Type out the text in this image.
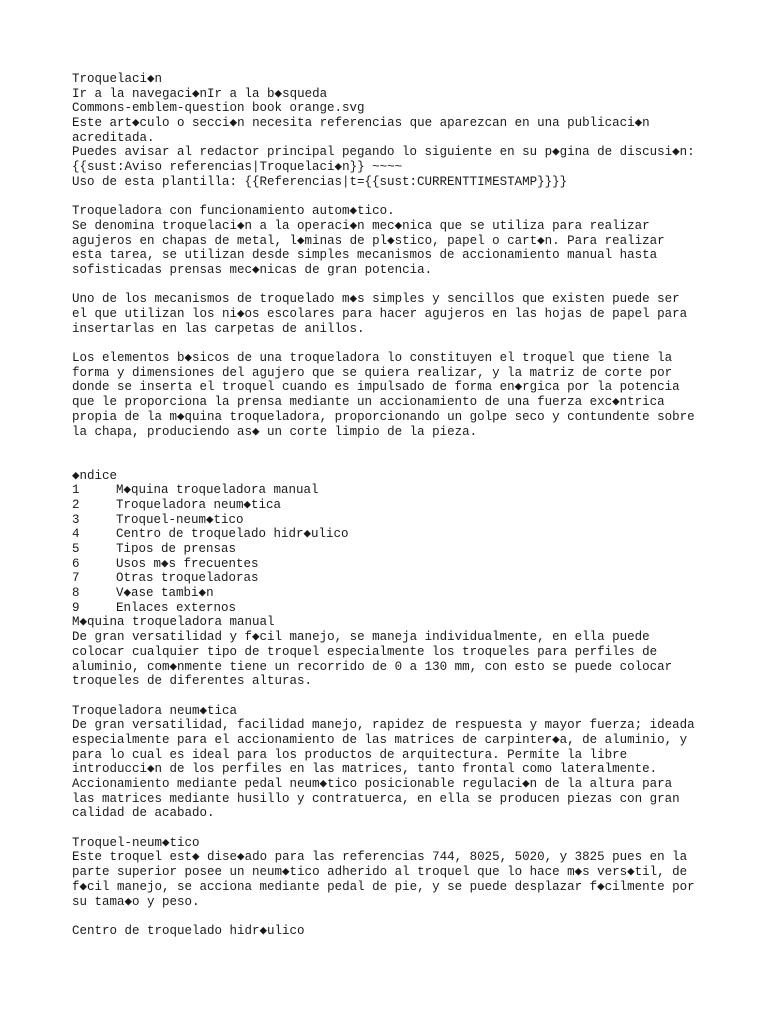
Troquelaci◆n
Ir a la navegaci◆nIr a la b◆squeda
Commons-emblem-question book orange.svg
Este art◆culo o secci◆n necesita referencias que aparezcan en una publicaci◆n
acreditada.
Puedes avisar al redactor principal pegando lo siguiente en su p◆gina de discusi◆n:
{{sust:Aviso referencias|Troquelaci◆n}} ~~~~
Uso de esta plantilla: {{Referencias|t={{sust:CURRENTTIMESTAMP}}}}
Troqueladora con funcionamiento autom◆tico.
Se denomina troquelaci◆n a la operaci◆n mec◆nica que se utiliza para realizar
agujeros en chapas de metal, l◆minas de pl◆stico, papel o cart◆n. Para realizar
esta tarea, se utilizan desde simples mecanismos de accionamiento manual hasta
sofisticadas prensas mec◆nicas de gran potencia.
Uno de los mecanismos de troquelado m◆s simples y sencillos que existen puede ser
el que utilizan los ni◆os escolares para hacer agujeros en las hojas de papel para
insertarlas en las carpetas de anillos.
Los elementos b◆sicos de una troqueladora lo constituyen el troquel que tiene la
forma y dimensiones del agujero que se quiera realizar, y la matriz de corte por
donde se inserta el troquel cuando es impulsado de forma en◆rgica por la potencia
que le proporciona la prensa mediante un accionamiento de una fuerza exc◆ntrica
propia de la m◆quina troqueladora, proporcionando un golpe seco y contundente sobre
la chapa, produciendo as◆ un corte limpio de la pieza.
◆ndice
1	M◆quina troqueladora manual
2	Troqueladora neum◆tica
3	Troquel-neum◆tico
4	Centro de troquelado hidr◆ulico
5	Tipos de prensas
6	Usos m◆s frecuentes
7	Otras troqueladoras
8	V◆ase tambi◆n
9	Enlaces externos
M◆quina troqueladora manual
De gran versatilidad y f◆cil manejo, se maneja individualmente, en ella puede
colocar cualquier tipo de troquel especialmente los troqueles para perfiles de
aluminio, com◆nmente tiene un recorrido de 0 a 130 mm, con esto se puede colocar
troqueles de diferentes alturas.
Troqueladora neum◆tica
De gran versatilidad, facilidad manejo, rapidez de respuesta y mayor fuerza; ideada
especialmente para el accionamiento de las matrices de carpinter◆a, de aluminio, y
para lo cual es ideal para los productos de arquitectura. Permite la libre
introducci◆n de los perfiles en las matrices, tanto frontal como lateralmente.
Accionamiento mediante pedal neum◆tico posicionable regulaci◆n de la altura para
las matrices mediante husillo y contratuerca, en ella se producen piezas con gran
calidad de acabado.
Troquel-neum◆tico
Este troquel est◆ dise◆ado para las referencias 744, 8025, 5020, y 3825 pues en la
parte superior posee un neum◆tico adherido al troquel que lo hace m◆s vers◆til, de
f◆cil manejo, se acciona mediante pedal de pie, y se puede desplazar f◆cilmente por
su tama◆o y peso.
Centro de troquelado hidr◆ulico
